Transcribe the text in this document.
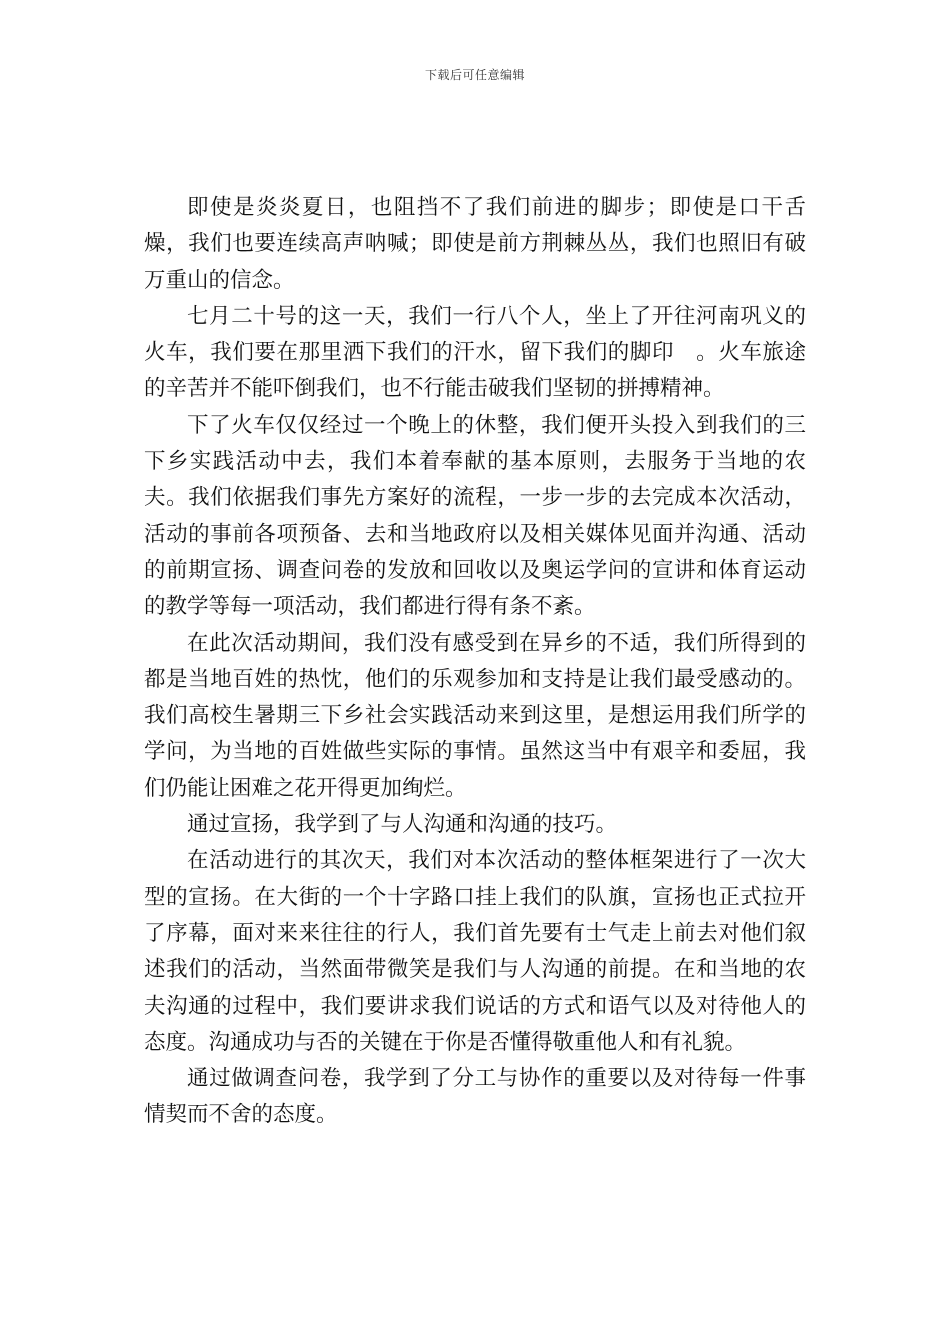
下载后可任意编辑

即使是炎炎夏日，也阻挡不了我们前进的脚步；即使是口干舌燥，我们也要连续高声呐喊；即使是前方荆棘丛丛，我们也照旧有破万重山的信念。

七月二十号的这一天，我们一行八个人，坐上了开往河南巩义的火车，我们要在那里洒下我们的汗水，留下我们的脚印　。火车旅途的辛苦并不能吓倒我们，也不行能击破我们坚韧的拼搏精神。

下了火车仅仅经过一个晚上的休整，我们便开头投入到我们的三下乡实践活动中去，我们本着奉献的基本原则，去服务于当地的农夫。我们依据我们事先方案好的流程，一步一步的去完成本次活动，活动的事前各项预备、去和当地政府以及相关媒体见面并沟通、活动的前期宣扬、调查问卷的发放和回收以及奥运学问的宣讲和体育运动的教学等每一项活动，我们都进行得有条不紊。

在此次活动期间，我们没有感受到在异乡的不适，我们所得到的都是当地百姓的热忱，他们的乐观参加和支持是让我们最受感动的。我们高校生暑期三下乡社会实践活动来到这里，是想运用我们所学的学问，为当地的百姓做些实际的事情。虽然这当中有艰辛和委屈，我们仍能让困难之花开得更加绚烂。

通过宣扬，我学到了与人沟通和沟通的技巧。

在活动进行的其次天，我们对本次活动的整体框架进行了一次大型的宣扬。在大街的一个十字路口挂上我们的队旗，宣扬也正式拉开了序幕，面对来来往往的行人，我们首先要有士气走上前去对他们叙述我们的活动，当然面带微笑是我们与人沟通的前提。在和当地的农夫沟通的过程中，我们要讲求我们说话的方式和语气以及对待他人的态度。沟通成功与否的关键在于你是否懂得敬重他人和有礼貌。

通过做调查问卷，我学到了分工与协作的重要以及对待每一件事情契而不舍的态度。
